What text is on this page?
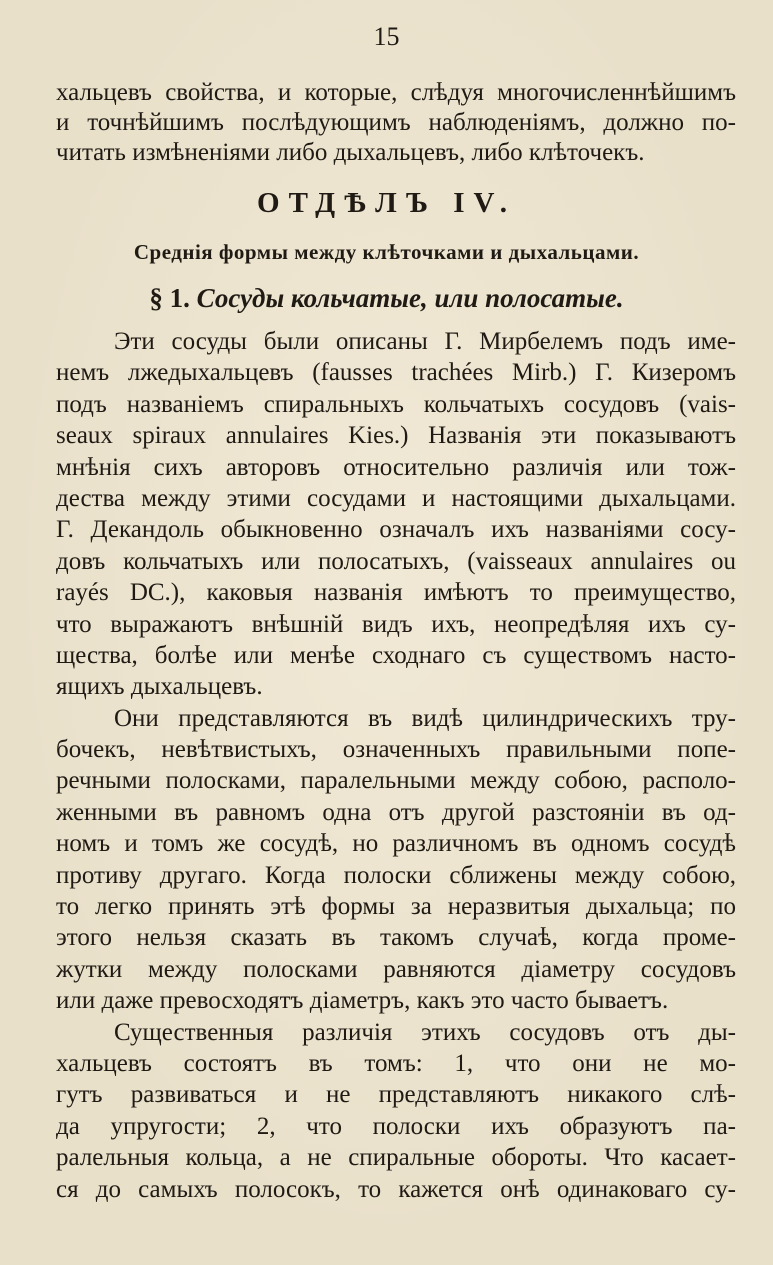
15
хальцевъ свойства, и которые, слѣдуя многочисленнѣйшимъ
и точнѣйшимъ послѣдующимъ наблюденіямъ, должно по-
читать измѣненіями либо дыхальцевъ, либо клѣточекъ.
ОТДѢЛЪ IV.
Среднія формы между клѣточками и дыхальцами.
§ 1. Сосуды кольчатые, или полосатые.
Эти сосуды были описаны Г. Мирбелемъ подъ име-
немъ лжедыхальцевъ (fausses trachées Mirb.) Г. Кизеромъ
подъ названіемъ спиральныхъ кольчатыхъ сосудовъ (vais-
seaux spiraux annulaires Kies.) Названія эти показываютъ
мнѣнія сихъ авторовъ относительно различія или тож-
дества между этими сосудами и настоящими дыхальцами.
Г. Декандоль обыкновенно означалъ ихъ названіями сосу-
довъ кольчатыхъ или полосатыхъ, (vaisseaux annulaires ou
rayés DC.), каковыя названія имѣютъ то преимущество,
что выражаютъ внѣшній видъ ихъ, неопредѣляя ихъ су-
щества, болѣе или менѣе сходнаго съ существомъ насто-
ящихъ дыхальцевъ.
Они представляются въ видѣ цилиндрическихъ тру-
бочекъ, невѣтвистыхъ, означенныхъ правильными попе-
речными полосками, паралельными между собою, располо-
женными въ равномъ одна отъ другой разстояніи въ од-
номъ и томъ же сосудѣ, но различномъ въ одномъ сосудѣ
противу другаго. Когда полоски сближены между собою,
то легко принять этѣ формы за неразвитыя дыхальца; по
этого нельзя сказать въ такомъ случаѣ, когда проме-
жутки между полосками равняются діаметру сосудовъ
или даже превосходятъ діаметръ, какъ это часто бываетъ.
Существенныя различія этихъ сосудовъ отъ ды-
хальцевъ состоятъ въ томъ: 1, что они не мо-
гутъ развиваться и не представляютъ никакого слѣ-
да упругости; 2, что полоски ихъ образуютъ па-
ралельныя кольца, а не спиральные обороты. Что касает-
ся до самыхъ полосокъ, то кажется онѣ одинаковаго су-
